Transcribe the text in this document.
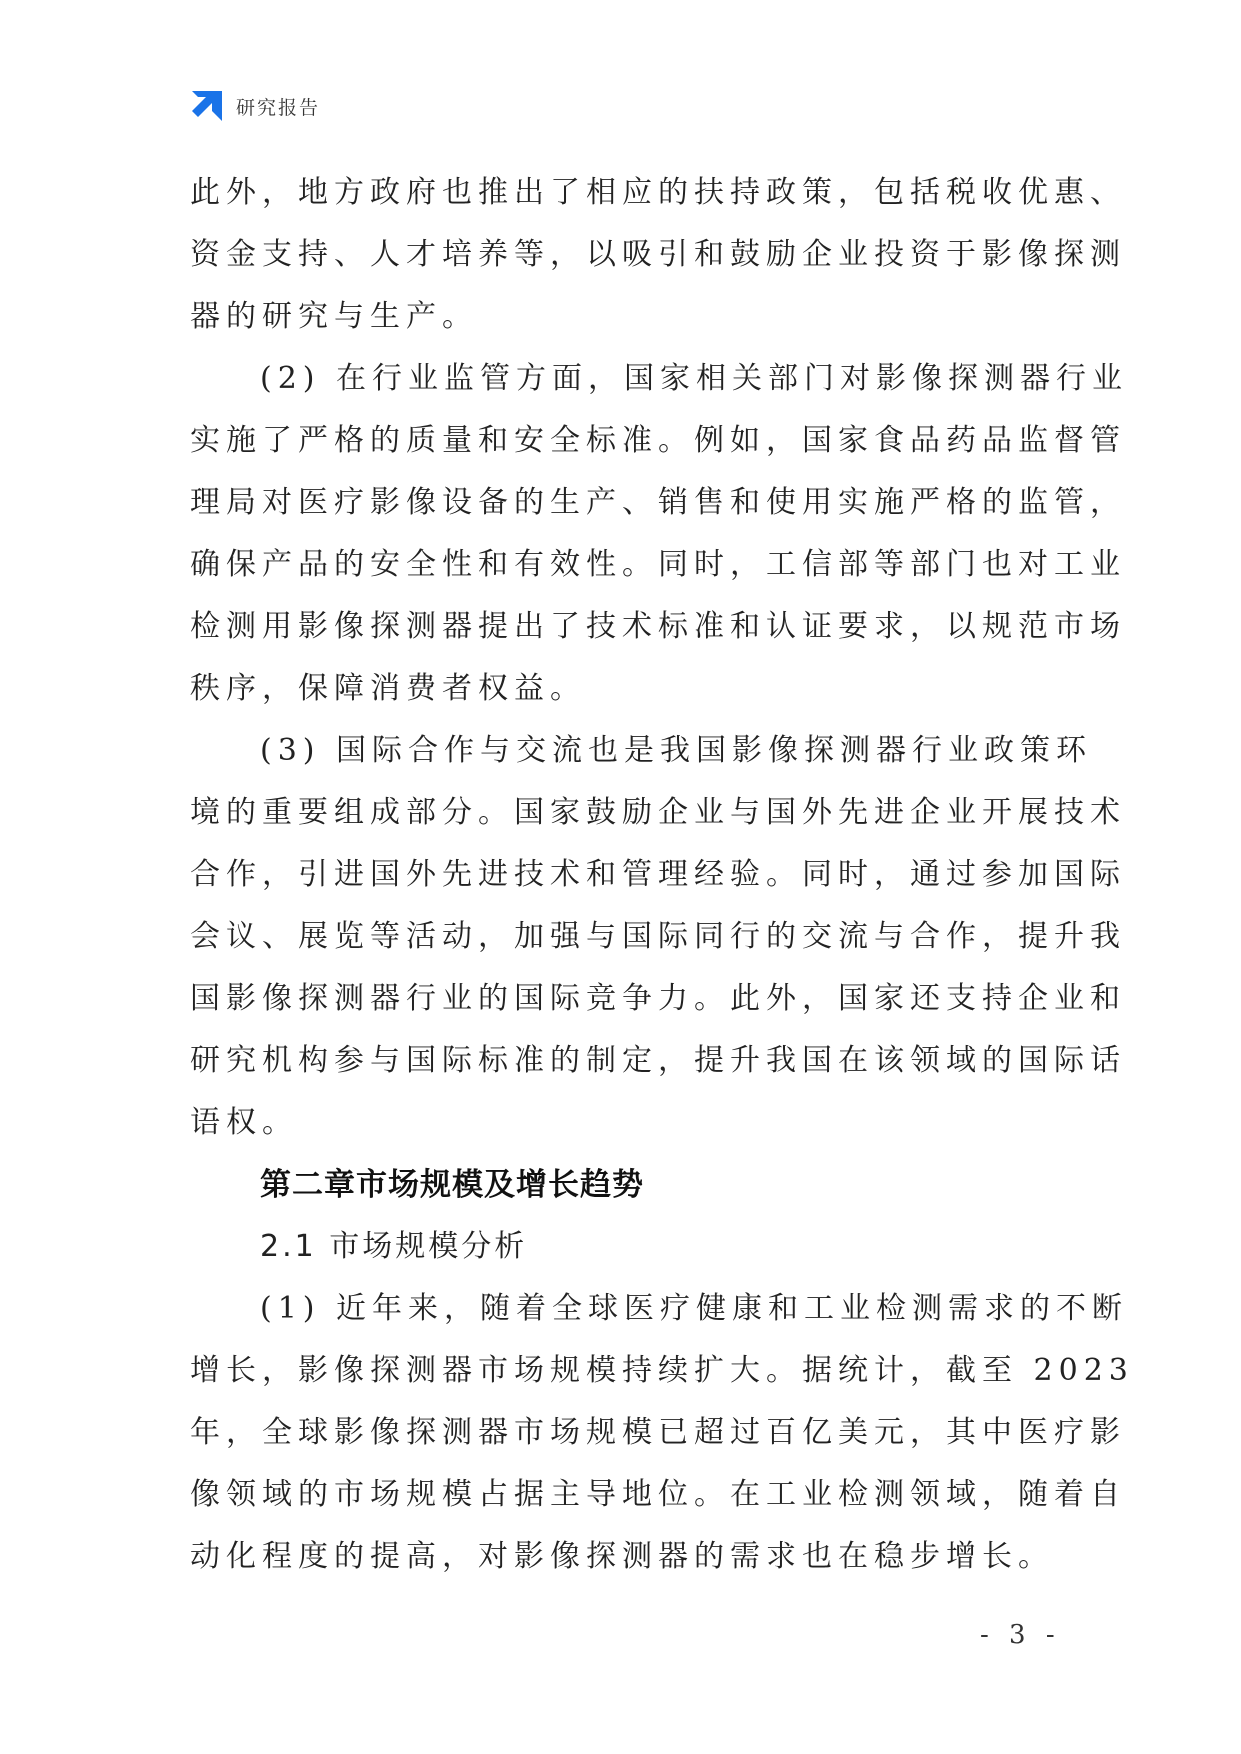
研究报告
此外，地方政府也推出了相应的扶持政策，包括税收优惠、
资金支持、人才培养等，以吸引和鼓励企业投资于影像探测
器的研究与生产。
(2) 在行业监管方面，国家相关部门对影像探测器行业
实施了严格的质量和安全标准。例如，国家食品药品监督管
理局对医疗影像设备的生产、销售和使用实施严格的监管，
确保产品的安全性和有效性。同时，工信部等部门也对工业
检测用影像探测器提出了技术标准和认证要求，以规范市场
秩序，保障消费者权益。
(3) 国际合作与交流也是我国影像探测器行业政策环
境的重要组成部分。国家鼓励企业与国外先进企业开展技术
合作，引进国外先进技术和管理经验。同时，通过参加国际
会议、展览等活动，加强与国际同行的交流与合作，提升我
国影像探测器行业的国际竞争力。此外，国家还支持企业和
研究机构参与国际标准的制定，提升我国在该领域的国际话
语权。
第二章市场规模及增长趋势
2.1 市场规模分析
(1) 近年来，随着全球医疗健康和工业检测需求的不断
增长，影像探测器市场规模持续扩大。据统计，截至 2023
年，全球影像探测器市场规模已超过百亿美元，其中医疗影
像领域的市场规模占据主导地位。在工业检测领域，随着自
动化程度的提高，对影像探测器的需求也在稳步增长。
- 3 -
